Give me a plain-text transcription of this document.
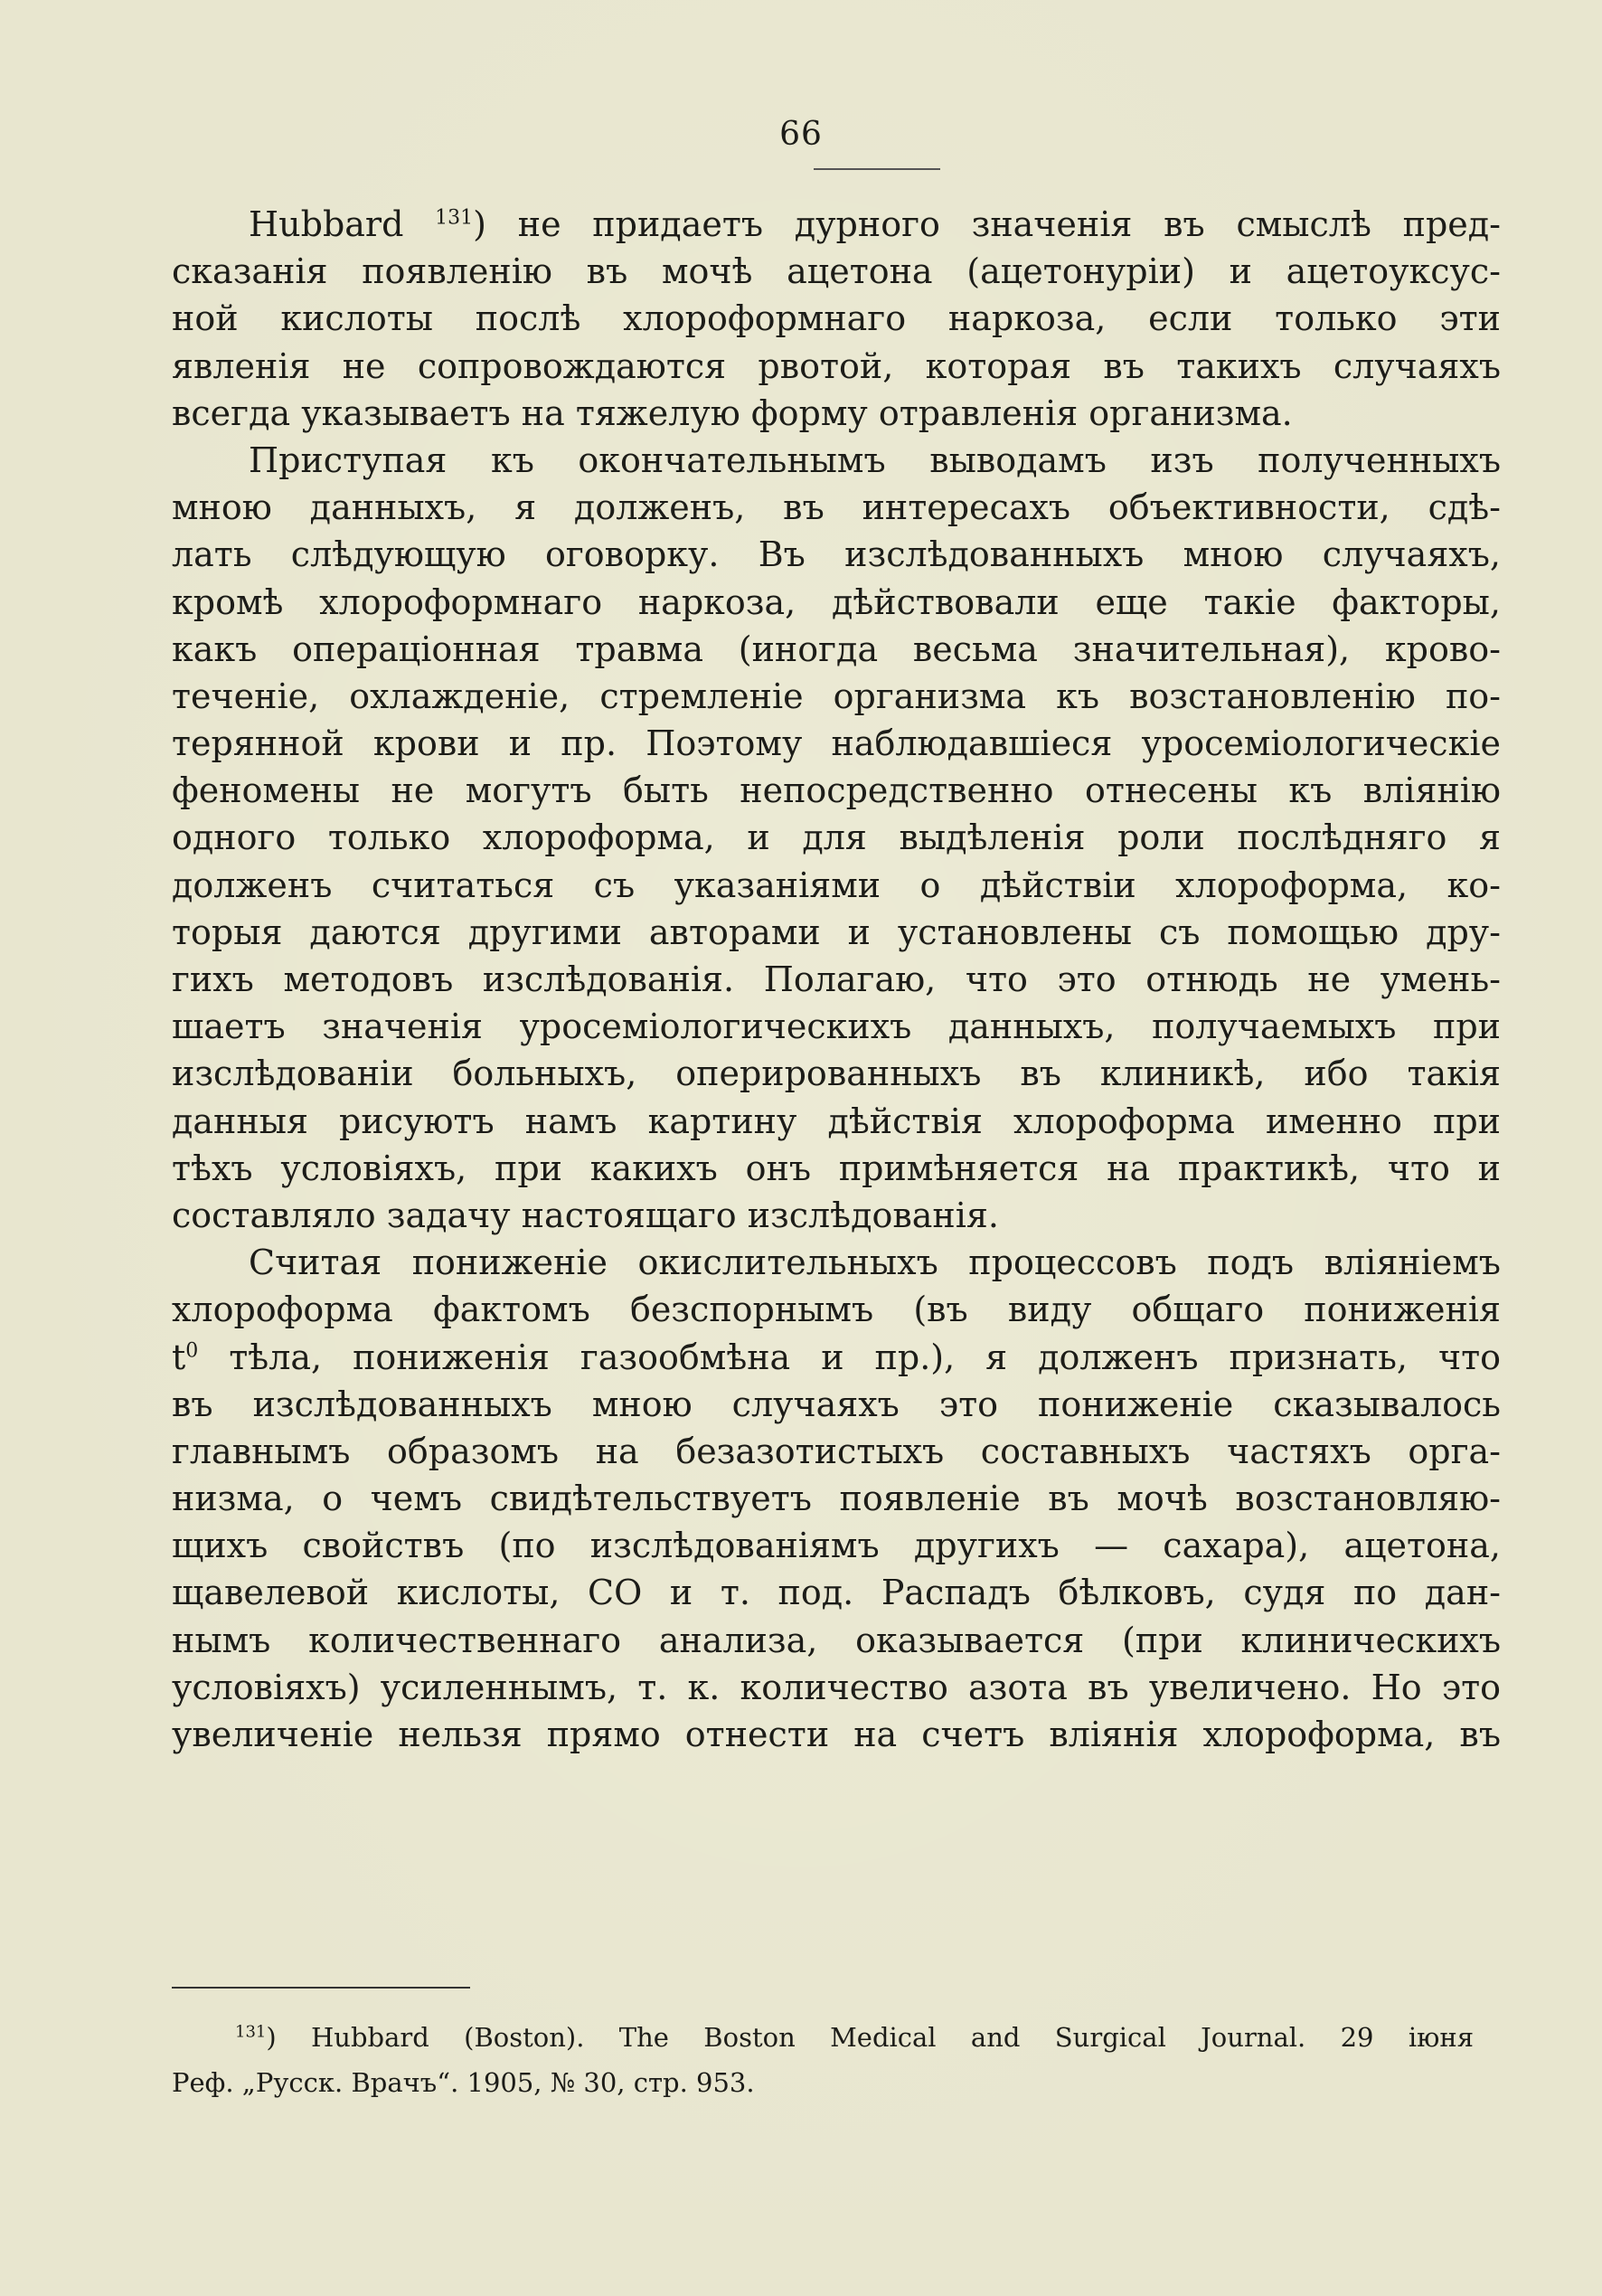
66
Hubbard $^{131}$) не придаетъ дурного значенія въ смыслѣ пред-
сказанія появленію въ мочѣ ацетона (ацетонуріи) и ацетоуксус-
ной кислоты послѣ хлороформнаго наркоза, если только эти
явленія не сопровождаются рвотой, которая въ такихъ случаяхъ
всегда указываетъ на тяжелую форму отравленія организма.
Приступая къ окончательнымъ выводамъ изъ полученныхъ
мною данныхъ, я долженъ, въ интересахъ объективности, сдѣ-
лать слѣдующую оговорку. Въ изслѣдованныхъ мною случаяхъ,
кромѣ хлороформнаго наркоза, дѣйствовали еще такіе факторы,
какъ операціонная травма (иногда весьма значительная), крово-
теченіе, охлажденіе, стремленіе организма къ возстановленію по-
терянной крови и пр. Поэтому наблюдавшіеся уросеміологическіе
феномены не могутъ быть непосредственно отнесены къ вліянію
одного только хлороформа, и для выдѣленія роли послѣдняго я
долженъ считаться съ указаніями о дѣйствіи хлороформа, ко-
торыя даются другими авторами и установлены съ помощью дру-
гихъ методовъ изслѣдованія. Полагаю, что это отнюдь не умень-
шаетъ значенія уросеміологическихъ данныхъ, получаемыхъ при
изслѣдованіи больныхъ, оперированныхъ въ клиникѣ, ибо такія
данныя рисуютъ намъ картину дѣйствія хлороформа именно при
тѣхъ условіяхъ, при какихъ онъ примѣняется на практикѣ, что и
составляло задачу настоящаго изслѣдованія.
Считая пониженіе окислительныхъ процессовъ подъ вліяніемъ
хлороформа фактомъ безспорнымъ (въ виду общаго пониженія
$t^0$ тѣла, пониженія газообмѣна и пр.), я долженъ признать, что
въ изслѣдованныхъ мною случаяхъ это пониженіе сказывалось
главнымъ образомъ на безазотистыхъ составныхъ частяхъ орга-
низма, о чемъ свидѣтельствуетъ появленіе въ мочѣ возстановляю-
щихъ свойствъ (по изслѣдованіямъ другихъ — сахара), ацетона,
щавелевой кислоты, СО и т. под. Распадъ бѣлковъ, судя по дан-
нымъ количественнаго анализа, оказывается (при клиническихъ
условіяхъ) усиленнымъ, т. к. количество азота въ увеличено. Но это
увеличеніе нельзя прямо отнести на счетъ вліянія хлороформа, въ
$^{131}$) Hubbard (Boston). The Boston Medical and Surgical Journal. 29 іюня
Реф. „Русск. Врачъ“. 1905, № 30, стр. 953.
